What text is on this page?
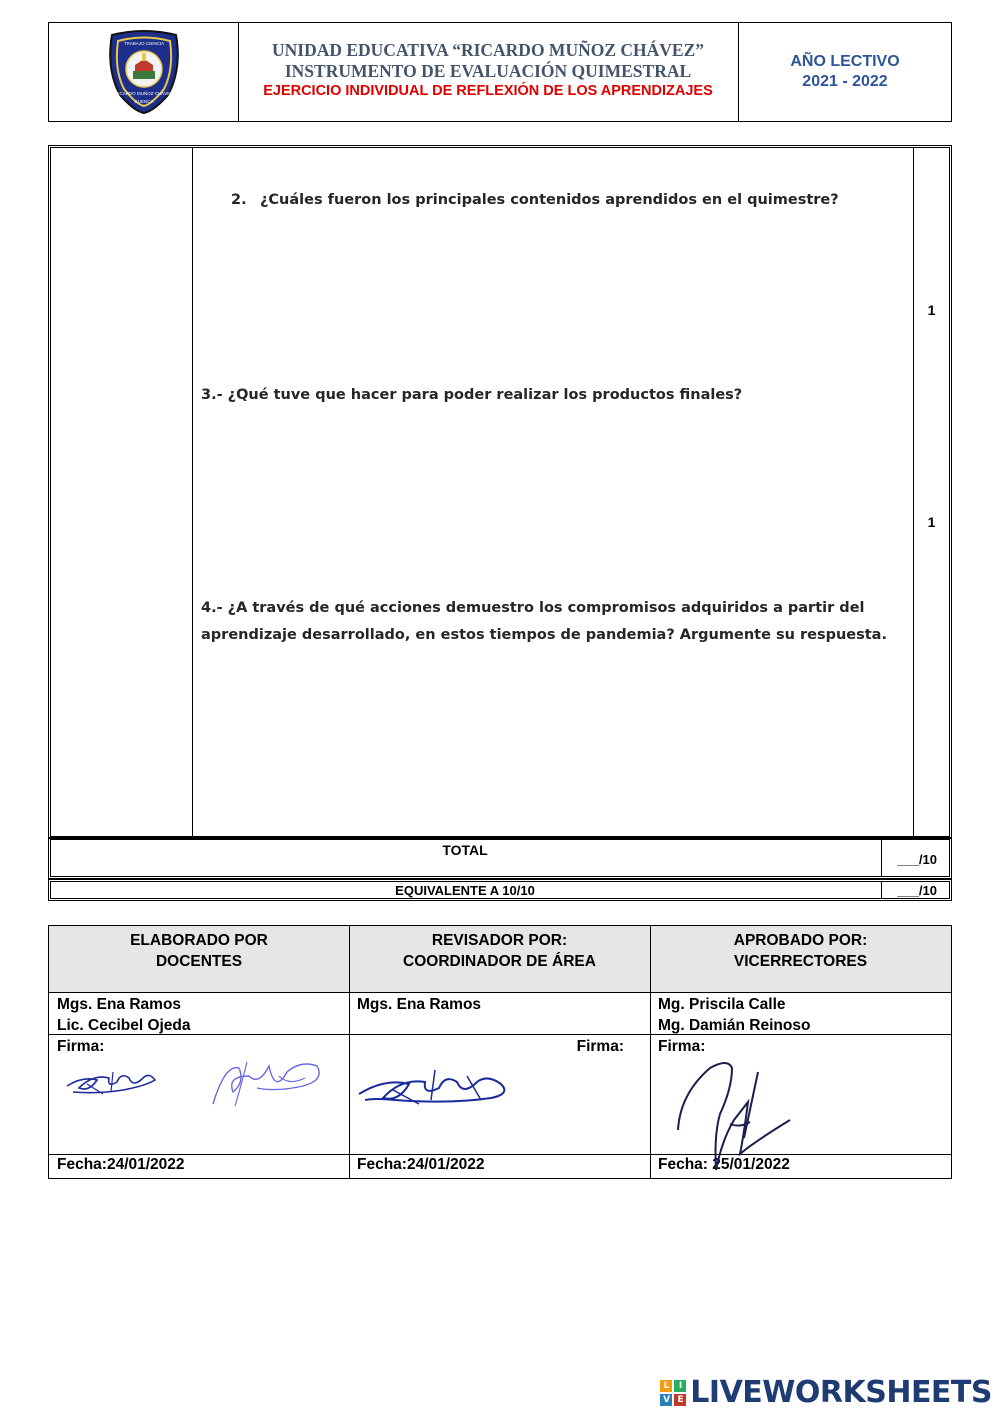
RICARDO MUÑOZ CHÁVEZ
TRABAJO CIENCIA
CUENCA
UNIDAD EDUCATIVA “RICARDO MUÑOZ CHÁVEZ”
INSTRUMENTO DE EVALUACIÓN QUIMESTRAL
EJERCICIO INDIVIDUAL DE REFLEXIÓN DE LOS APRENDIZAJES
AÑO LECTIVO
2021 - 2022
1
1
2. ¿Cuáles fueron los principales contenidos aprendidos en el quimestre?
3.- ¿Qué tuve que hacer para poder realizar los productos finales?
4.- ¿A través de qué acciones demuestro los compromisos adquiridos a partir del
aprendizaje desarrollado, en estos tiempos de pandemia? Argumente su respuesta.
TOTAL
___/10
EQUIVALENTE A 10/10	___/10
ELABORADO POR
DOCENTES
Mgs. Ena Ramos
Lic. Cecibel Ojeda
Firma:
Fecha:24/01/2022
REVISADOR POR:
COORDINADOR DE ÁREA
Mgs. Ena Ramos
Firma:
Fecha:24/01/2022
APROBADO POR:
VICERRECTORES
Mg. Priscila Calle
Mg. Damián Reinoso
Firma:
Fecha: 25/01/2022
L	I
V E LIVEWORKSHEETS
